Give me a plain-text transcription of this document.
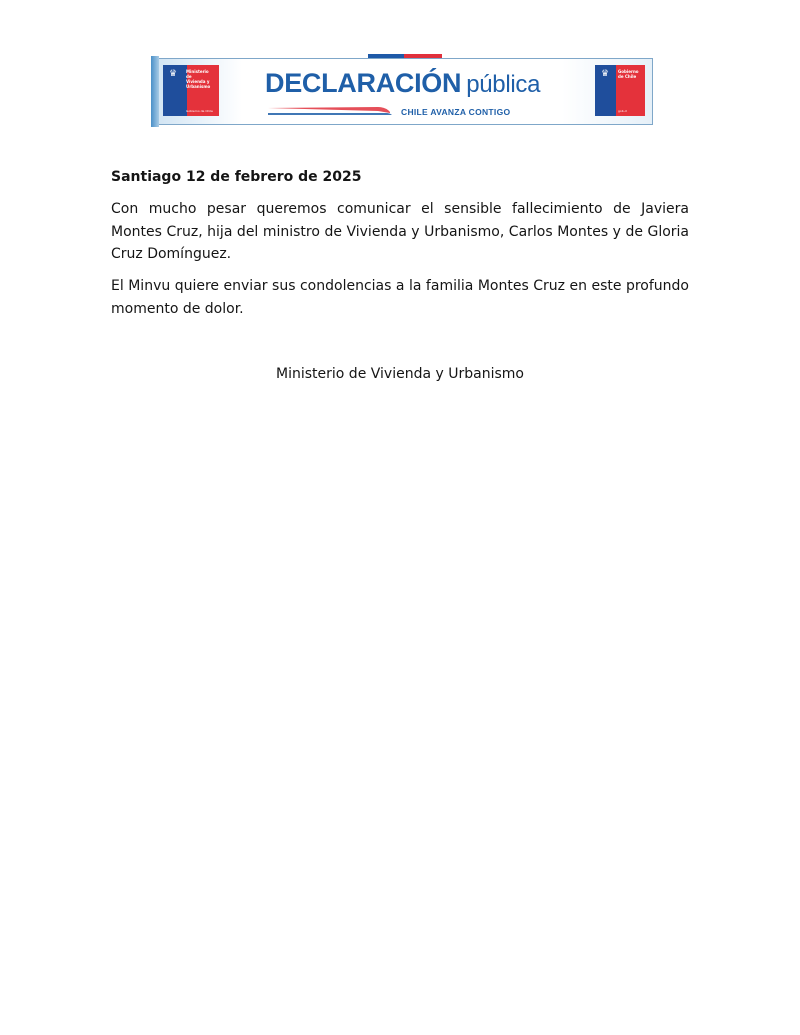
♛	Ministerio de Vivienda y Urbanismo
Gobierno de Chile
DECLARACIÓN pública
CHILE AVANZA CONTIGO
♛	Gobierno de Chile
gob.cl
Santiago 12 de febrero de 2025
Con mucho pesar queremos comunicar el sensible fallecimiento de Javiera Montes Cruz, hija del ministro de Vivienda y Urbanismo, Carlos Montes y de Gloria Cruz Domínguez.
El Minvu quiere enviar sus condolencias a la familia Montes Cruz en este profundo momento de dolor.
Ministerio de Vivienda y Urbanismo
